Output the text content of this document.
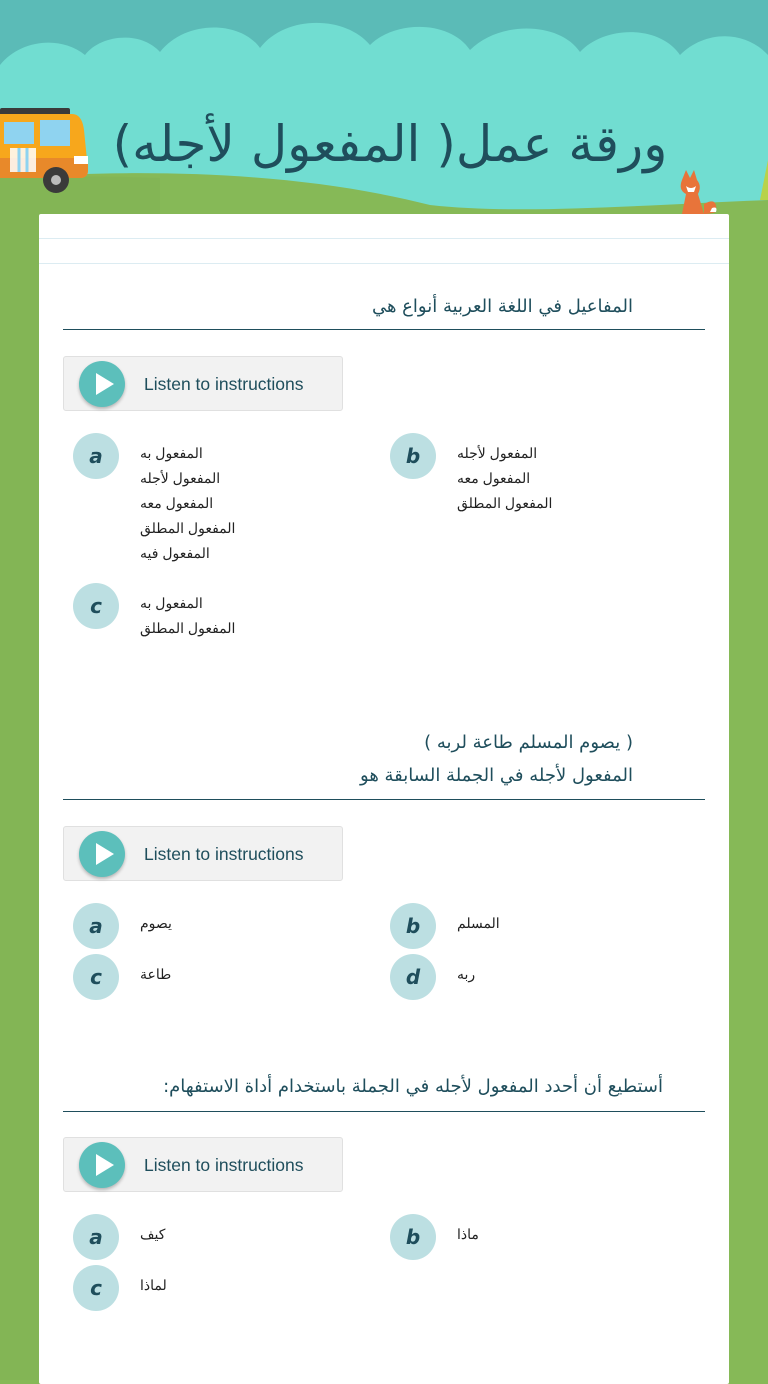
ورقة عمل( المفعول لأجله)
المفاعيل في اللغة العربية أنواع هي
Listen to instructions
a	المفعول به
المفعول لأجله
المفعول معه
المفعول المطلق
المفعول فيه
b	المفعول لأجله
المفعول معه
المفعول المطلق
c	المفعول به
المفعول المطلق
( يصوم المسلم طاعة لربه )
المفعول لأجله في الجملة السابقة هو
Listen to instructions
a	يصوم	b	المسلم
c	طاعة	d	ربه
أستطيع أن أحدد المفعول لأجله في الجملة باستخدام أداة الاستفهام:
Listen to instructions
a	كيف	b	ماذا
c	لماذا
